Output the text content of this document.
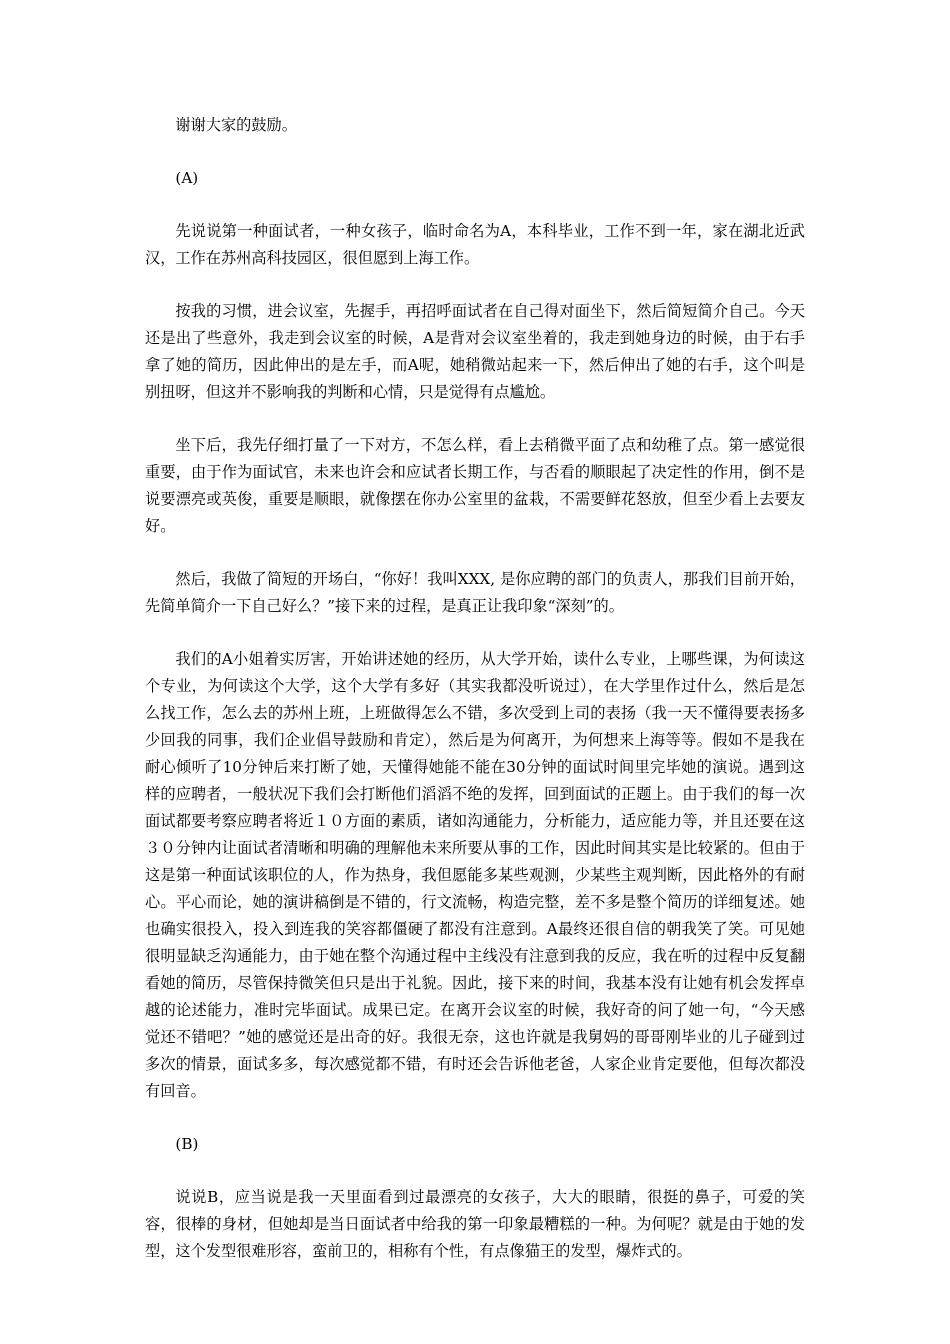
谢谢大家的鼓励。

(A)

先说说第一种面试者，一种女孩子，临时命名为A，本科毕业，工作不到一年，家在湖北近武汉，工作在苏州高科技园区，很但愿到上海工作。

按我的习惯，进会议室，先握手，再招呼面试者在自己得对面坐下，然后简短简介自己。今天还是出了些意外，我走到会议室的时候，A是背对会议室坐着的，我走到她身边的时候，由于右手拿了她的简历，因此伸出的是左手，而A呢，她稍微站起来一下，然后伸出了她的右手，这个叫是别扭呀，但这并不影响我的判断和心情，只是觉得有点尴尬。

坐下后，我先仔细打量了一下对方，不怎么样，看上去稍微平面了点和幼稚了点。第一感觉很重要，由于作为面试官，未来也许会和应试者长期工作，与否看的顺眼起了决定性的作用，倒不是说要漂亮或英俊，重要是顺眼，就像摆在你办公室里的盆栽，不需要鲜花怒放，但至少看上去要友好。

然后，我做了简短的开场白，“你好！我叫XXX, 是你应聘的部门的负责人，那我们目前开始，先简单简介一下自己好么？”接下来的过程，是真正让我印象“深刻”的。

我们的A小姐着实厉害，开始讲述她的经历，从大学开始，读什么专业，上哪些课，为何读这个专业，为何读这个大学，这个大学有多好（其实我都没听说过），在大学里作过什么，然后是怎么找工作，怎么去的苏州上班，上班做得怎么不错，多次受到上司的表扬（我一天不懂得要表扬多少回我的同事，我们企业倡导鼓励和肯定），然后是为何离开，为何想来上海等等。假如不是我在耐心倾听了10分钟后来打断了她，天懂得她能不能在30分钟的面试时间里完毕她的演说。遇到这样的应聘者，一般状况下我们会打断他们滔滔不绝的发挥，回到面试的正题上。由于我们的每一次面试都要考察应聘者将近１０方面的素质，诸如沟通能力，分析能力，适应能力等，并且还要在这３０分钟内让面试者清晰和明确的理解他未来所要从事的工作，因此时间其实是比较紧的。但由于这是第一种面试该职位的人，作为热身，我但愿能多某些观测，少某些主观判断，因此格外的有耐心。平心而论，她的演讲稿倒是不错的，行文流畅，构造完整，差不多是整个简历的详细复述。她也确实很投入，投入到连我的笑容都僵硬了都没有注意到。A最终还很自信的朝我笑了笑。可见她很明显缺乏沟通能力，由于她在整个沟通过程中主线没有注意到我的反应，我在听的过程中反复翻看她的简历，尽管保持微笑但只是出于礼貌。因此，接下来的时间，我基本没有让她有机会发挥卓越的论述能力，准时完毕面试。成果已定。在离开会议室的时候，我好奇的问了她一句，“今天感觉还不错吧？”她的感觉还是出奇的好。我很无奈，这也许就是我舅妈的哥哥刚毕业的儿子碰到过多次的情景，面试多多，每次感觉都不错，有时还会告诉他老爸，人家企业肯定要他，但每次都没有回音。

(B)

说说B，应当说是我一天里面看到过最漂亮的女孩子，大大的眼睛，很挺的鼻子，可爱的笑容，很棒的身材，但她却是当日面试者中给我的第一印象最糟糕的一种。为何呢？就是由于她的发型，这个发型很难形容，蛮前卫的，相称有个性，有点像猫王的发型，爆炸式的。
